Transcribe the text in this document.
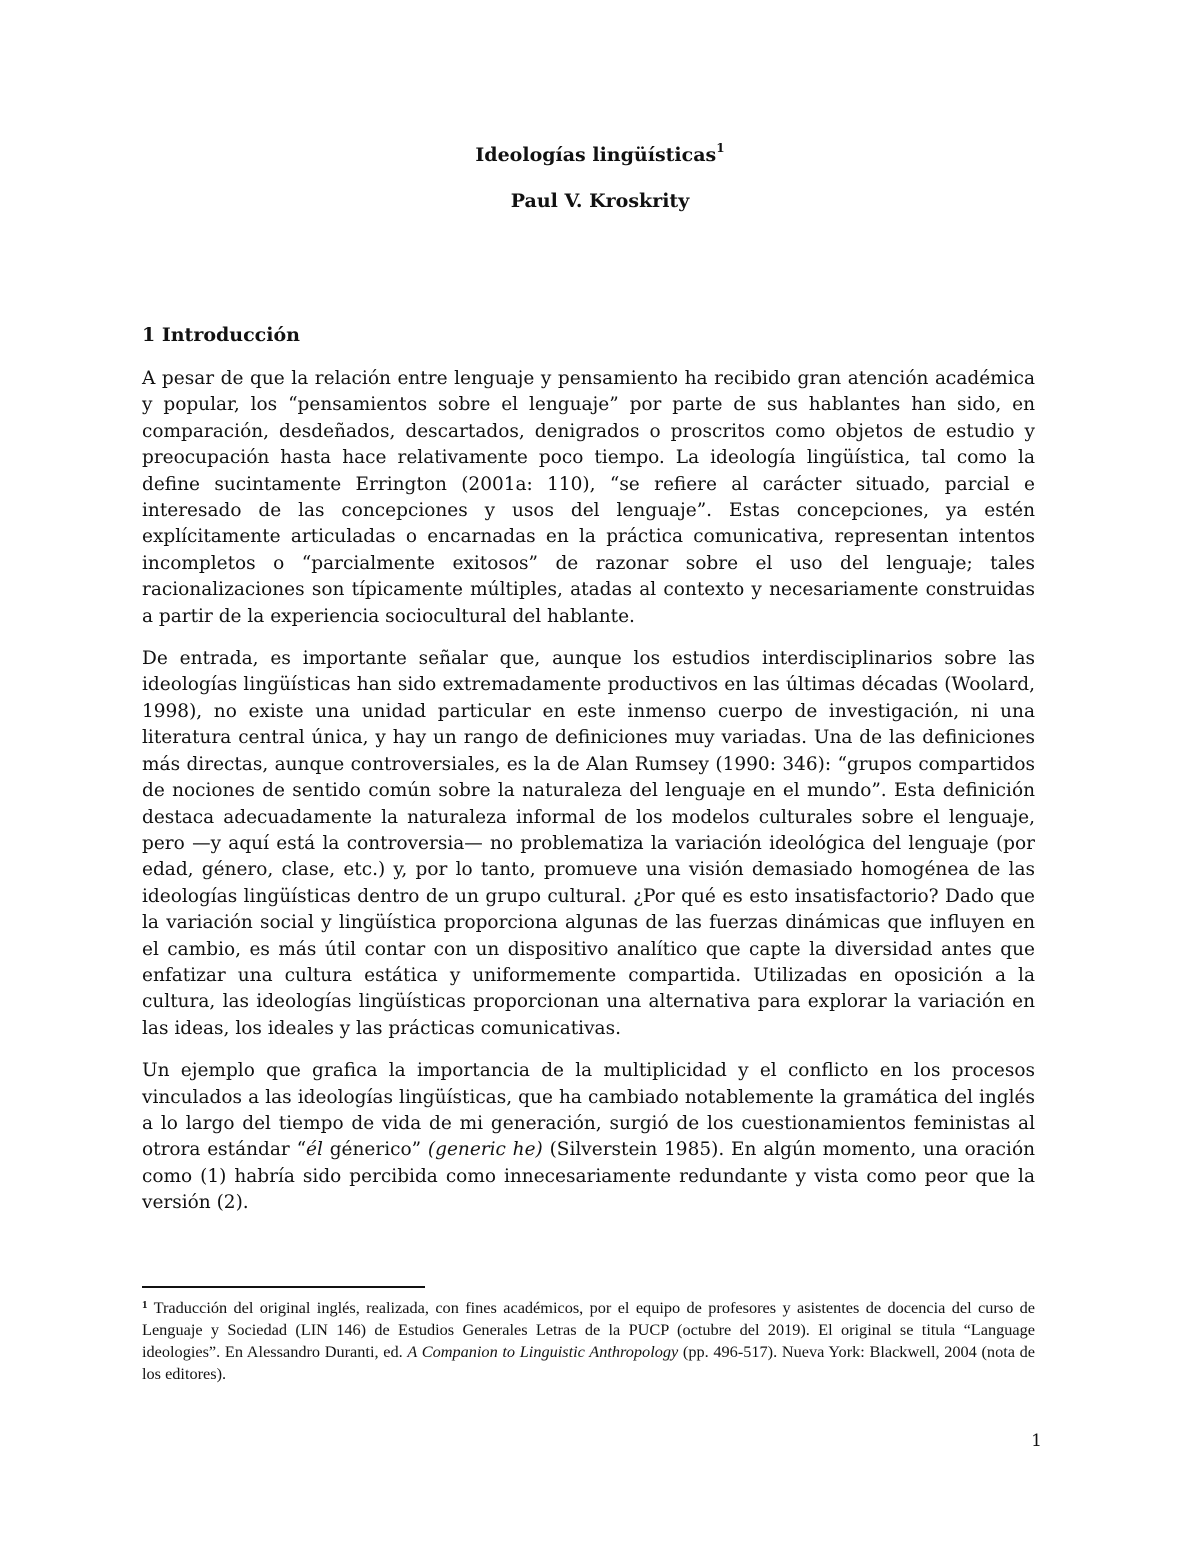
Ideologías lingüísticas$^1$
Paul V. Kroskrity
1 Introducción

A pesar de que la relación entre lenguaje y pensamiento ha recibido gran atención académica y popular, los “pensamientos sobre el lenguaje” por parte de sus hablantes han sido, en comparación, desdeñados, descartados, denigrados o proscritos como objetos de estudio y preocupación hasta hace relativamente poco tiempo. La ideología lingüística, tal como la define sucintamente Errington (2001a: 110), “se refiere al carácter situado, parcial e interesado de las concepciones y usos del lenguaje”. Estas concepciones, ya estén explícitamente articuladas o encarnadas en la práctica comunicativa, representan intentos incompletos o “parcialmente exitosos” de razonar sobre el uso del lenguaje; tales racionalizaciones son típicamente múltiples, atadas al contexto y necesariamente construidas a partir de la experiencia sociocultural del hablante.

De entrada, es importante señalar que, aunque los estudios interdisciplinarios sobre las ideologías lingüísticas han sido extremadamente productivos en las últimas décadas (Woolard, 1998), no existe una unidad particular en este inmenso cuerpo de investigación, ni una literatura central única, y hay un rango de definiciones muy variadas. Una de las definiciones más directas, aunque controversiales, es la de Alan Rumsey (1990: 346): “grupos compartidos de nociones de sentido común sobre la naturaleza del lenguaje en el mundo”. Esta definición destaca adecuadamente la naturaleza informal de los modelos culturales sobre el lenguaje, pero —y aquí está la controversia— no problematiza la variación ideológica del lenguaje (por edad, género, clase, etc.) y, por lo tanto, promueve una visión demasiado homogénea de las ideologías lingüísticas dentro de un grupo cultural. ¿Por qué es esto insatisfactorio? Dado que la variación social y lingüística proporciona algunas de las fuerzas dinámicas que influyen en el cambio, es más útil contar con un dispositivo analítico que capte la diversidad antes que enfatizar una cultura estática y uniformemente compartida. Utilizadas en oposición a la cultura, las ideologías lingüísticas proporcionan una alternativa para explorar la variación en las ideas, los ideales y las prácticas comunicativas.

Un ejemplo que grafica la importancia de la multiplicidad y el conflicto en los procesos vinculados a las ideologías lingüísticas, que ha cambiado notablemente la gramática del inglés a lo largo del tiempo de vida de mi generación, surgió de los cuestionamientos feministas al otrora estándar “él génerico” (generic he) (Silverstein 1985). En algún momento, una oración como (1) habría sido percibida como innecesariamente redundante y vista como peor que la versión (2).

$^1$ Traducción del original inglés, realizada, con fines académicos, por el equipo de profesores y asistentes de docencia del curso de Lenguaje y Sociedad (LIN 146) de Estudios Generales Letras de la PUCP (octubre del 2019). El original se titula “Language ideologies”. En Alessandro Duranti, ed. A Companion to Linguistic Anthropology (pp. 496-517). Nueva York: Blackwell, 2004 (nota de los editores).
1
